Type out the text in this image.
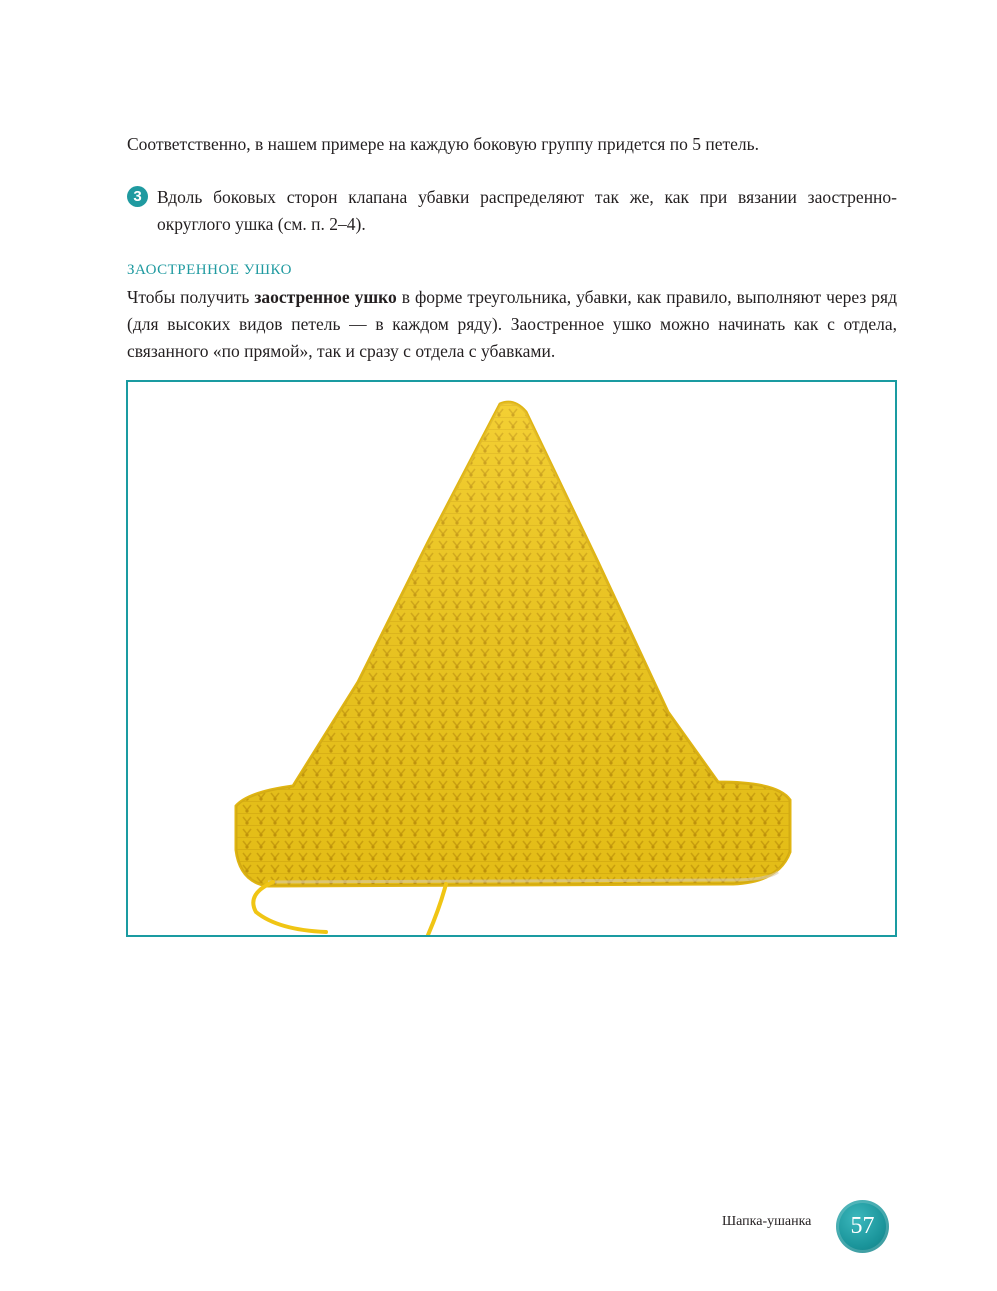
Соответственно, в нашем примере на каждую боковую группу придется по 5 петель.

3 Вдоль боковых сторон клапана убавки распределяют так же, как при вязании заостренно-округлого ушка (см. п. 2–4).
ЗАОСТРЕННОЕ УШКО

Чтобы получить заостренное ушко в форме треугольника, убавки, как правило, выполняют через ряд (для высоких видов петель — в каждом ряду). Заостренное ушко можно начинать как с отдела, связанного «по прямой», так и сразу с отдела с убавками.

Шапка-ушанка	57
